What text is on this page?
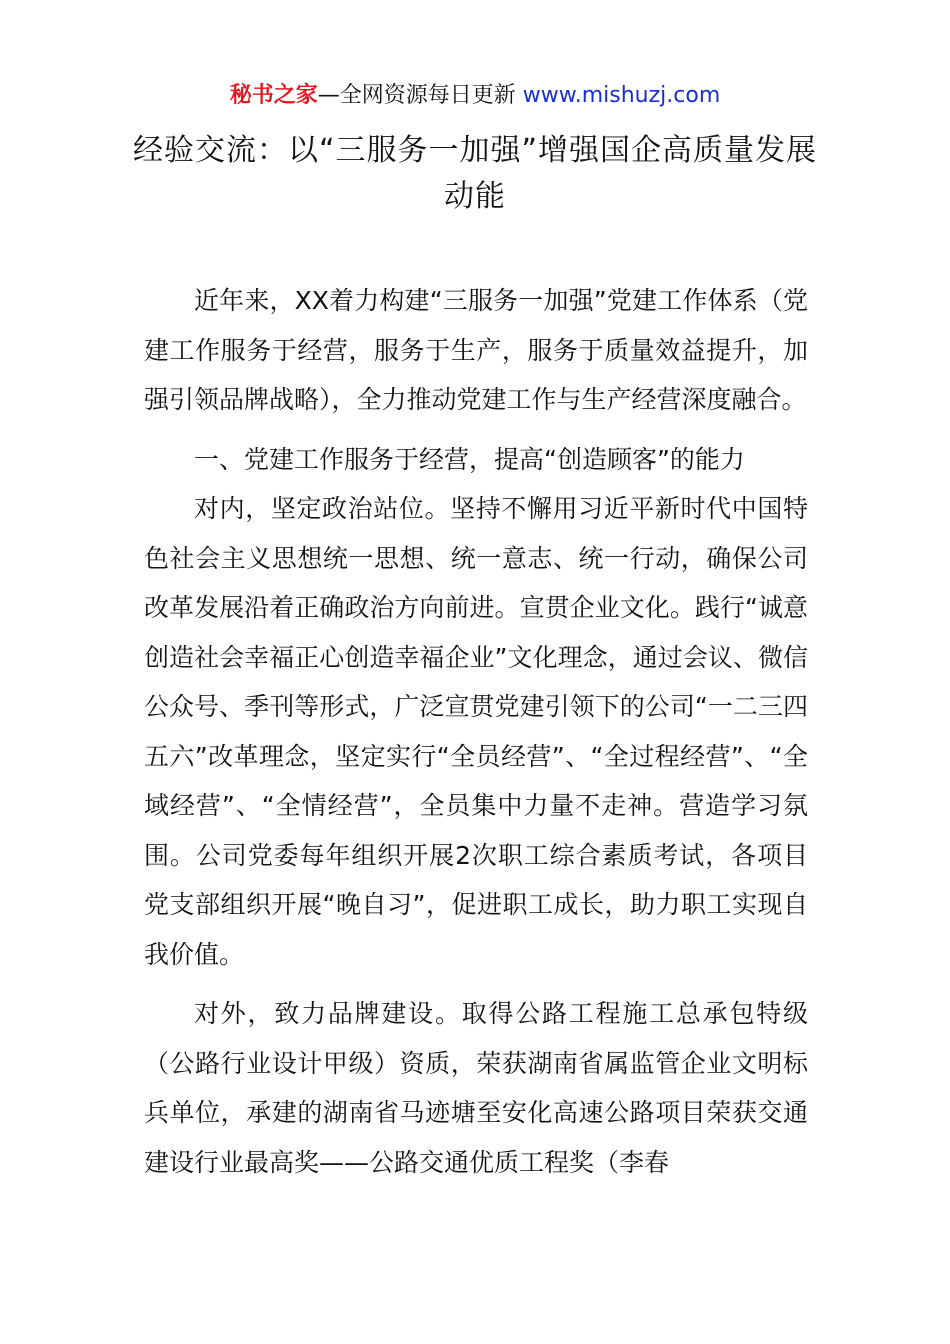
秘书之家—全网资源每日更新 www.mishuzj.com
经验交流：以“三服务一加强”增强国企高质量发展动能

近年来，XX着力构建“三服务一加强”党建工作体系（党建工作服务于经营，服务于生产，服务于质量效益提升，加强引领品牌战略），全力推动党建工作与生产经营深度融合。

一、党建工作服务于经营，提高“创造顾客”的能力

对内，坚定政治站位。坚持不懈用习近平新时代中国特色社会主义思想统一思想、统一意志、统一行动，确保公司改革发展沿着正确政治方向前进。宣贯企业文化。践行“诚意创造社会幸福正心创造幸福企业”文化理念，通过会议、微信公众号、季刊等形式，广泛宣贯党建引领下的公司“一二三四五六”改革理念，坚定实行“全员经营”、“全过程经营”、“全域经营”、“全情经营”，全员集中力量不走神。营造学习氛围。公司党委每年组织开展2次职工综合素质考试，各项目党支部组织开展“晚自习”，促进职工成长，助力职工实现自我价值。

对外，致力品牌建设。取得公路工程施工总承包特级（公路行业设计甲级）资质，荣获湖南省属监管企业文明标兵单位，承建的湖南省马迹塘至安化高速公路项目荣获交通建设行业最高奖——公路交通优质工程奖（李春
